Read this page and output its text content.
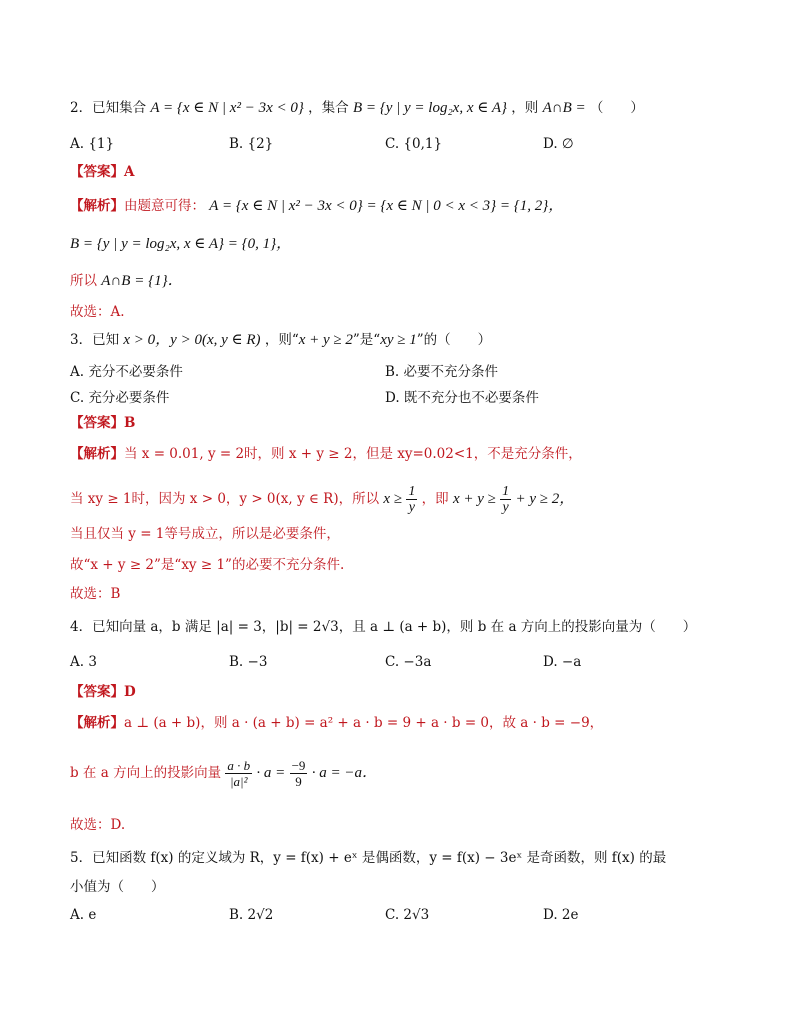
2．已知集合 A = {x ∈ N | x² − 3x < 0} ，集合 B = {y | y = log₂x, x ∈ A} ，则 A∩B = （　　）
A. {1}	B. {2}	C. {0,1}	D. ∅
【答案】A
【解析】由题意可得： A = {x ∈ N | x² − 3x < 0} = {x ∈ N | 0 < x < 3} = {1, 2}，
B = {y | y = log₂x, x ∈ A} = {0, 1}，
所以 A∩B = {1}．
故选：A.
3．已知 x > 0，y > 0(x, y ∈ R) ，则“x + y ≥ 2”是“xy ≥ 1”的（　　）
A. 充分不必要条件	B. 必要不充分条件
C. 充分必要条件	D. 既不充分也不必要条件
【答案】B
【解析】当 x = 0.01, y = 2时，则 x + y ≥ 2，但是 xy=0.02<1，不是充分条件，
当 xy ≥ 1时，因为 x > 0，y > 0(x, y ∈ R)，所以 $x \ge \frac{1}{y}$ ，即 $x + y \ge \frac{1}{y} + y \ge 2$，
当且仅当 y = 1等号成立，所以是必要条件，
故“x + y ≥ 2”是“xy ≥ 1”的必要不充分条件.
故选：B
4．已知向量 a，b 满足 |a| = 3，|b| = 2√3，且 a ⊥ (a + b)，则 b 在 a 方向上的投影向量为（　　）
A. 3	B. −3	C. −3a	D. −a
【答案】D
【解析】a ⊥ (a + b)，则 a · (a + b) = a² + a · b = 9 + a · b = 0，故 a · b = −9，
b 在 a 方向上的投影向量 $\frac{a \cdot b}{\text{|a|²}} \cdot a = \frac{-9}{9} \cdot a = -a$．
故选：D.
5．已知函数 f(x) 的定义域为 R，y = f(x) + eˣ 是偶函数，y = f(x) − 3eˣ 是奇函数，则 f(x) 的最
小值为（　　）
A. e	B. 2√2	C. 2√3	D. 2e
